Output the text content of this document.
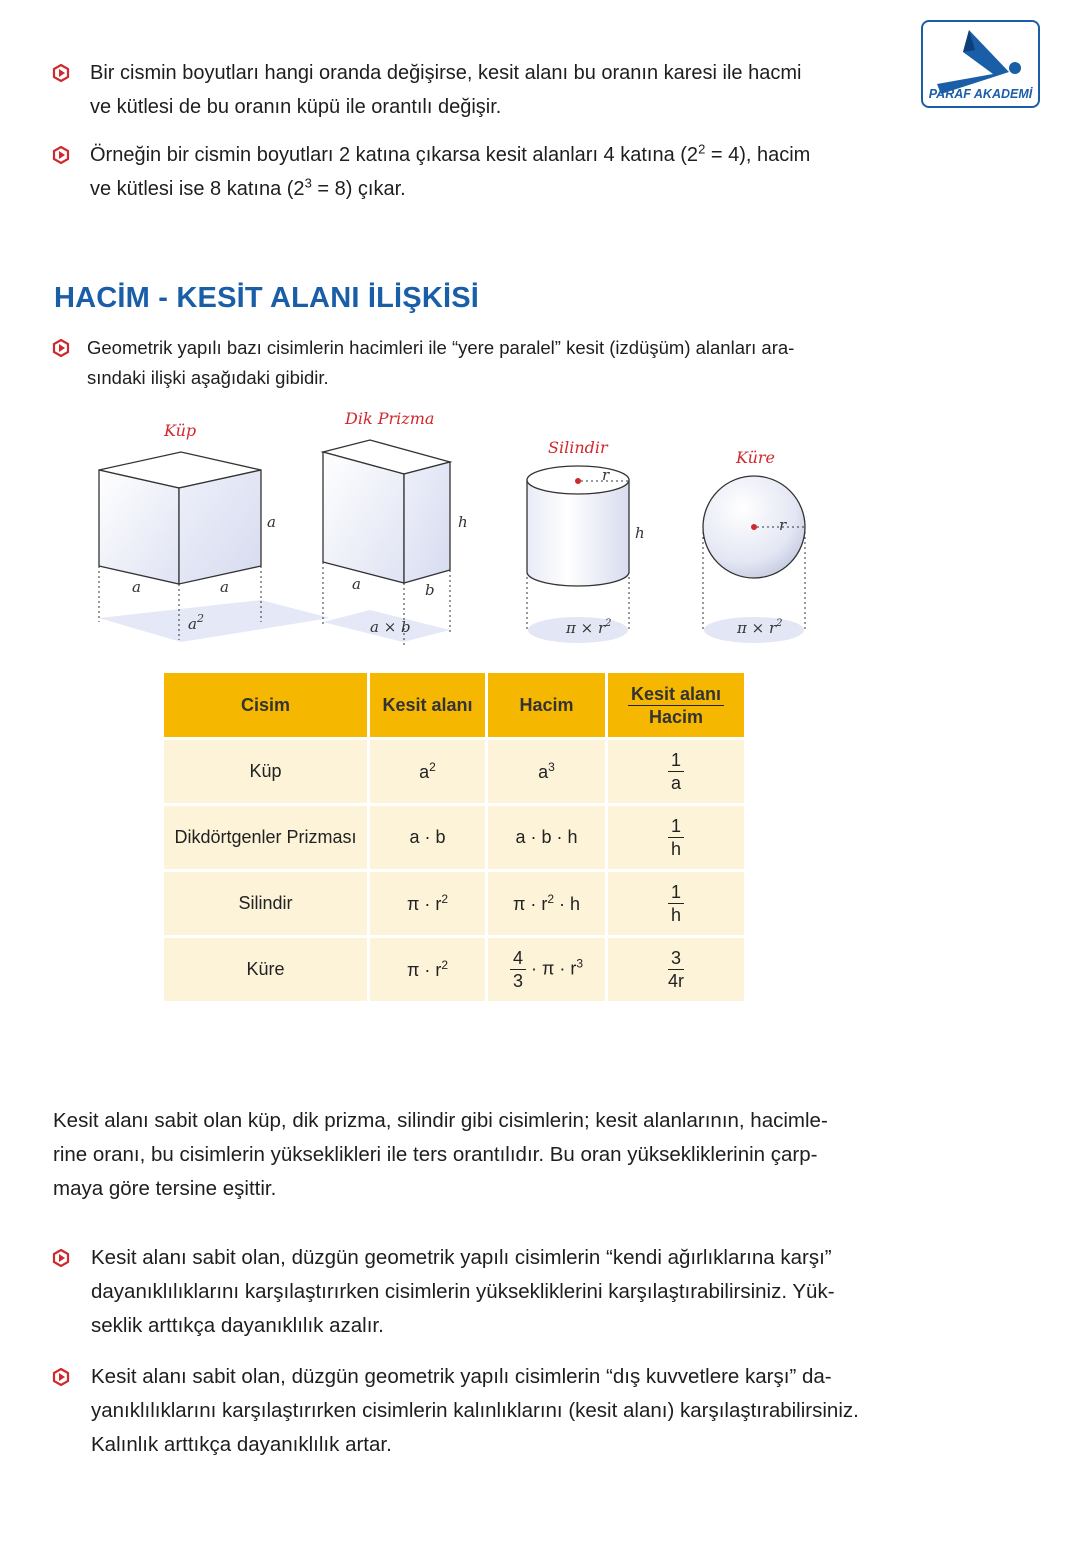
PARAF AKADEMİ
Bir cismin boyutları hangi oranda değişirse, kesit alanı bu oranın karesi ile hacmi
ve kütlesi de bu oranın küpü ile orantılı değişir.
Örneğin bir cismin boyutları 2 katına çıkarsa kesit alanları 4 katına $(2^2 = 4)$, hacim
ve kütlesi ise 8 katına $(2^3 = 8)$ çıkar.
HACİM - KESİT ALANI İLİŞKİSİ
Geometrik yapılı bazı cisimlerin hacimleri ile “yere paralel” kesit (izdüşüm) alanları ara-
sındaki ilişki aşağıdaki gibidir.
Küp
a
a	a
$a^2$
Dik Prizma
h
a	b
a × b
Silindir
r
h
$\pi \times r^2$
Küre
r
$\pi \times r^2$
Cisim	Kesit alanı	Hacim	$\frac{\text{Kesit alanı}}{\text{Hacim}}$

Küp	$a^2$	$a^3$	$\frac{1}{a}$

Dikdörtgenler Prizması	a · b	a · b · h	$\frac{1}{h}$

Silindir	$\pi \cdot r^2$	$\pi \cdot r^2 \cdot h$	$\frac{1}{h}$

Küre	$\pi \cdot r^2$	$\frac{4}{3} \cdot \pi \cdot r^3$	$\frac{3}{4r}$
Kesit alanı sabit olan küp, dik prizma, silindir gibi cisimlerin; kesit alanlarının, hacimle-
rine oranı, bu cisimlerin yükseklikleri ile ters orantılıdır. Bu oran yüksekliklerinin çarp-
maya göre tersine eşittir.
Kesit alanı sabit olan, düzgün geometrik yapılı cisimlerin “kendi ağırlıklarına karşı”
dayanıklılıklarını karşılaştırırken cisimlerin yüksekliklerini karşılaştırabilirsiniz. Yük-
seklik arttıkça dayanıklılık azalır.
Kesit alanı sabit olan, düzgün geometrik yapılı cisimlerin “dış kuvvetlere karşı” da-
yanıklılıklarını karşılaştırırken cisimlerin kalınlıklarını (kesit alanı) karşılaştırabilirsiniz.
Kalınlık arttıkça dayanıklılık artar.
